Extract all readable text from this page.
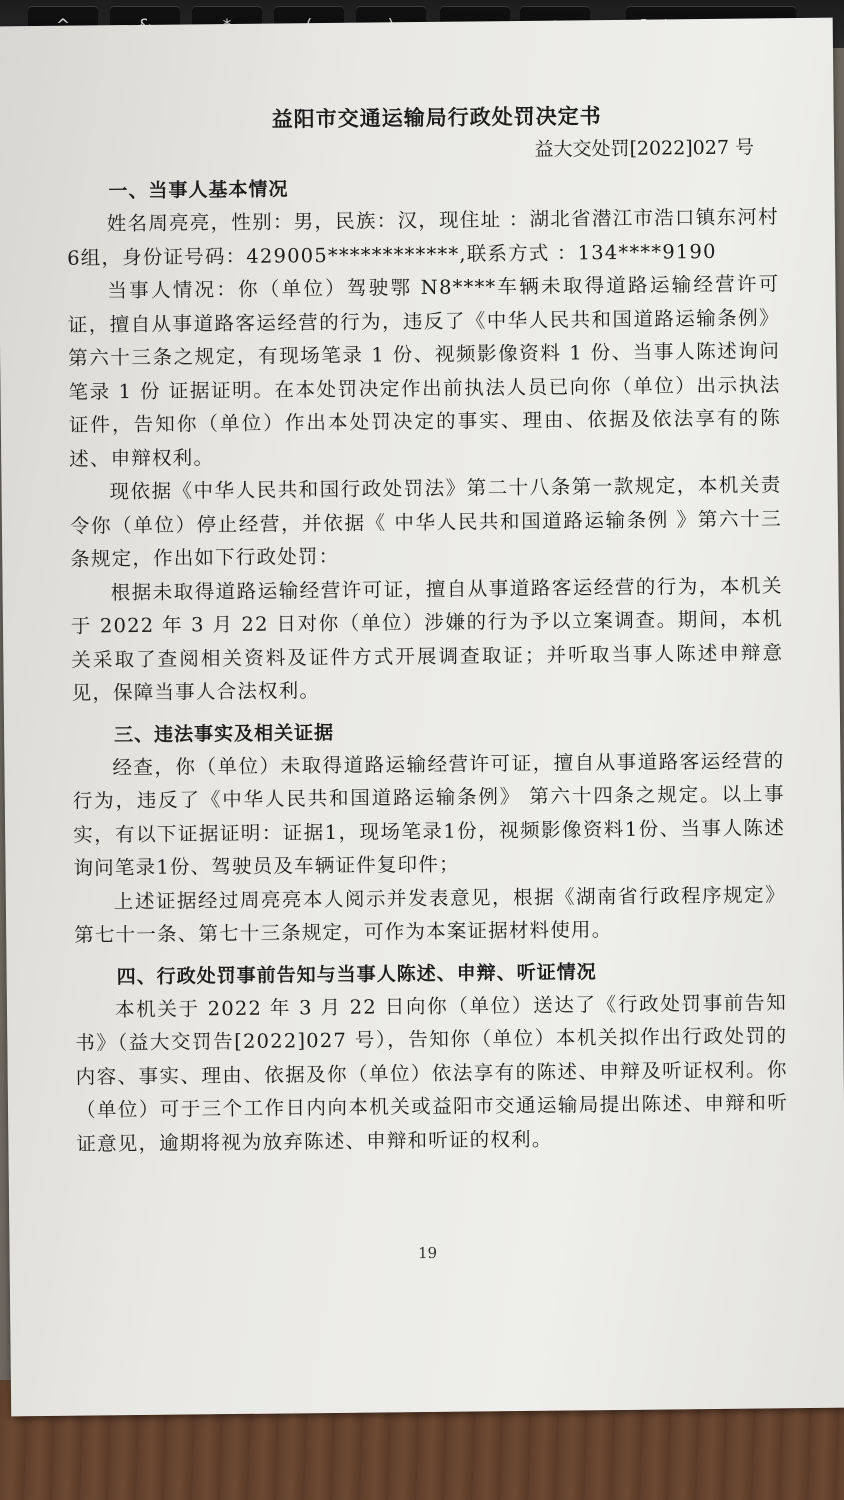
益阳市交通运输局行政处罚决定书
益大交处罚[2022]027 号
一、当事人基本情况

姓名周亮亮，性别：男，民族：汉，现住址 ：湖北省潜江市浩口镇东河村6组，身份证号码：429005************,联系方式 ：134****9190

当事人情况：你（单位）驾驶鄂 N8****车辆未取得道路运输经营许可证，擅自从事道路客运经营的行为，违反了《中华人民共和国道路运输条例》 第六十三条之规定，有现场笔录 1 份、视频影像资料 1 份、当事人陈述询问笔录 1 份 证据证明。在本处罚决定作出前执法人员已向你（单位）出示执法证件，告知你（单位）作出本处罚决定的事实、理由、依据及依法享有的陈述、申辩权利。

现依据《中华人民共和国行政处罚法》第二十八条第一款规定，本机关责令你（单位）停止经营，并依据《 中华人民共和国道路运输条例 》第六十三条规定，作出如下行政处罚：

根据未取得道路运输经营许可证，擅自从事道路客运经营的行为，本机关于 2022 年 3 月 22 日对你（单位）涉嫌的行为予以立案调查。期间，本机关采取了查阅相关资料及证件方式开展调查取证；并听取当事人陈述申辩意见，保障当事人合法权利。

三、违法事实及相关证据

经查，你（单位）未取得道路运输经营许可证，擅自从事道路客运经营的行为，违反了《中华人民共和国道路运输条例》 第六十四条之规定。以上事实，有以下证据证明：证据1，现场笔录1份，视频影像资料1份、当事人陈述询问笔录1份、驾驶员及车辆证件复印件；

上述证据经过周亮亮本人阅示并发表意见，根据《湖南省行政程序规定》第七十一条、第七十三条规定，可作为本案证据材料使用。

四、行政处罚事前告知与当事人陈述、申辩、听证情况

本机关于 2022 年 3 月 22 日向你（单位）送达了《行政处罚事前告知书》（益大交罚告[2022]027 号），告知你（单位）本机关拟作出行政处罚的内容、事实、理由、依据及你（单位）依法享有的陈述、申辩及听证权利。你（单位）可于三个工作日内向本机关或益阳市交通运输局提出陈述、申辩和听证意见，逾期将视为放弃陈述、申辩和听证的权利。

19
